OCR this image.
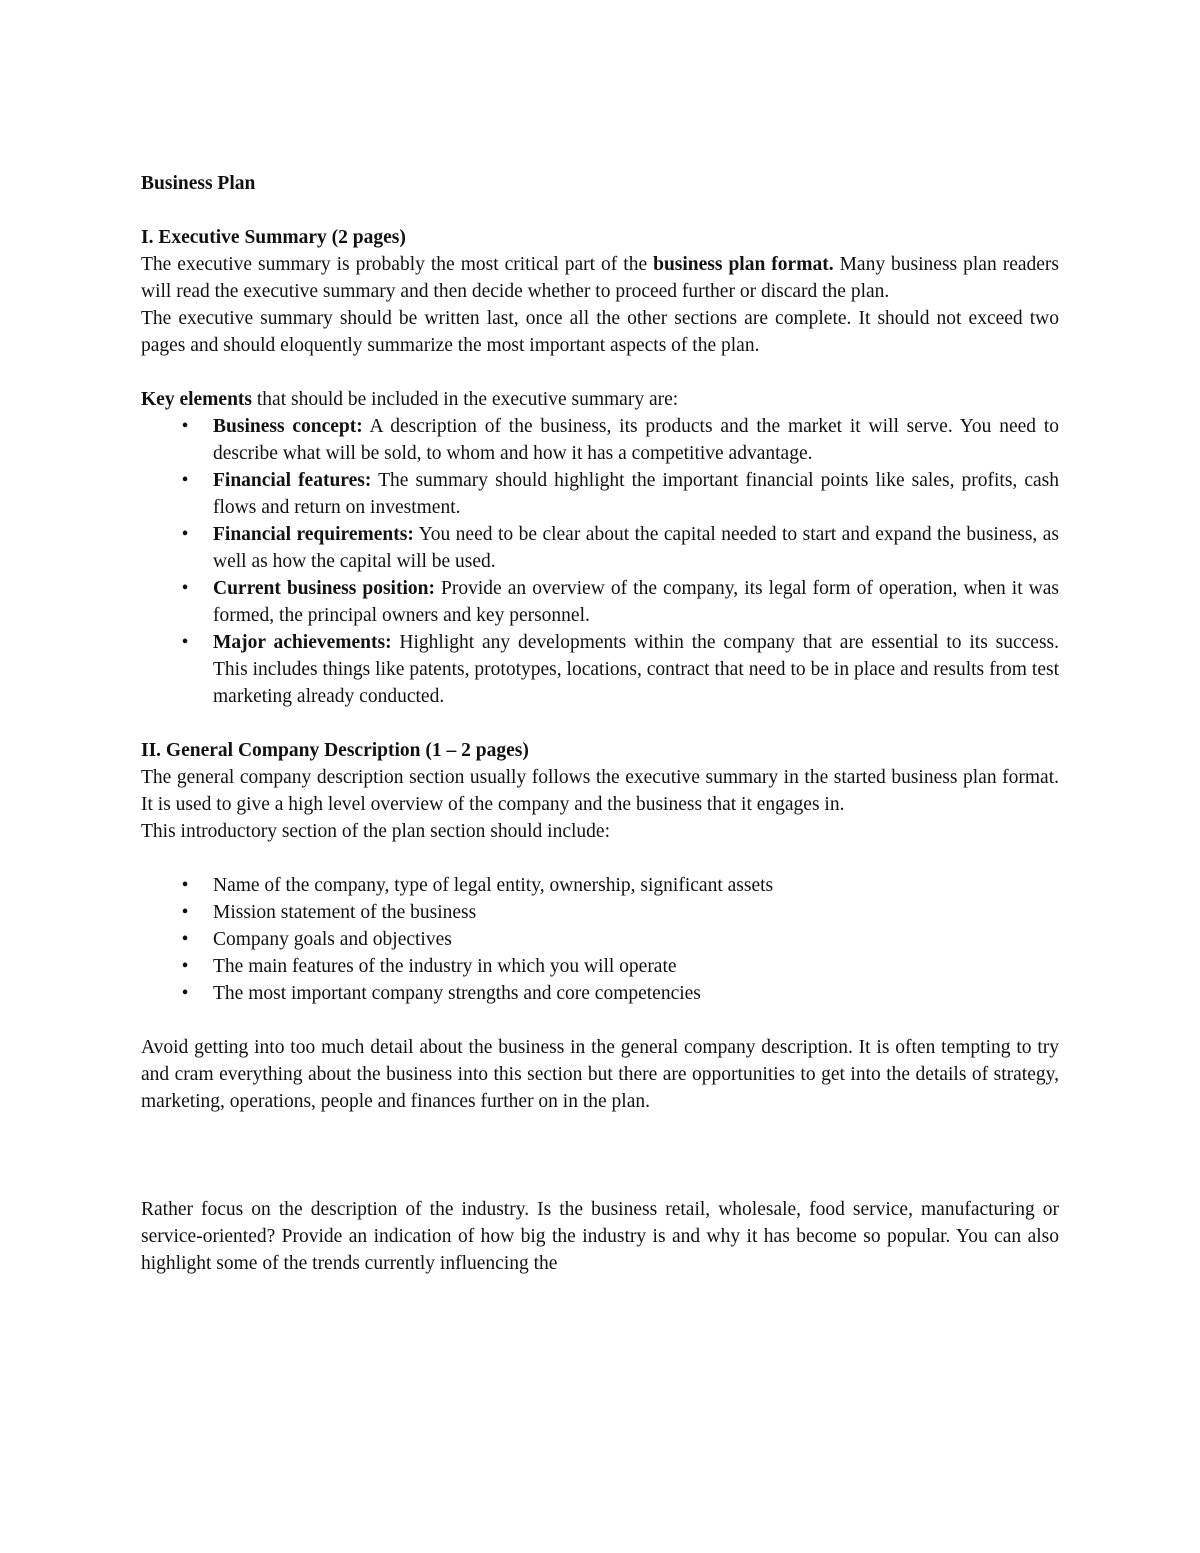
Business Plan
I. Executive Summary (2 pages)

The executive summary is probably the most critical part of the business plan format. Many business plan readers will read the executive summary and then decide whether to proceed further or discard the plan.

The executive summary should be written last, once all the other sections are complete. It should not exceed two pages and should eloquently summarize the most important aspects of the plan.

Key elements that should be included in the executive summary are:

•	Business concept: A description of the business, its products and the market it will serve. You need to describe what will be sold, to whom and how it has a competitive advantage.
•	Financial features: The summary should highlight the important financial points like sales, profits, cash flows and return on investment.
•	Financial requirements: You need to be clear about the capital needed to start and expand the business, as well as how the capital will be used.
•	Current business position: Provide an overview of the company, its legal form of operation, when it was formed, the principal owners and key personnel.
•	Major achievements: Highlight any developments within the company that are essential to its success. This includes things like patents, prototypes, locations, contract that need to be in place and results from test marketing already conducted.
II. General Company Description (1 – 2 pages)

The general company description section usually follows the executive summary in the started business plan format. It is used to give a high level overview of the company and the business that it engages in.

This introductory section of the plan section should include:

•	Name of the company, type of legal entity, ownership, significant assets
•	Mission statement of the business
•	Company goals and objectives
•	The main features of the industry in which you will operate
•	The most important company strengths and core competencies

Avoid getting into too much detail about the business in the general company description. It is often tempting to try and cram everything about the business into this section but there are opportunities to get into the details of strategy, marketing, operations, people and finances further on in the plan.

Rather focus on the description of the industry. Is the business retail, wholesale, food service, manufacturing or service-oriented? Provide an indication of how big the industry is and why it has become so popular. You can also highlight some of the trends currently influencing the
